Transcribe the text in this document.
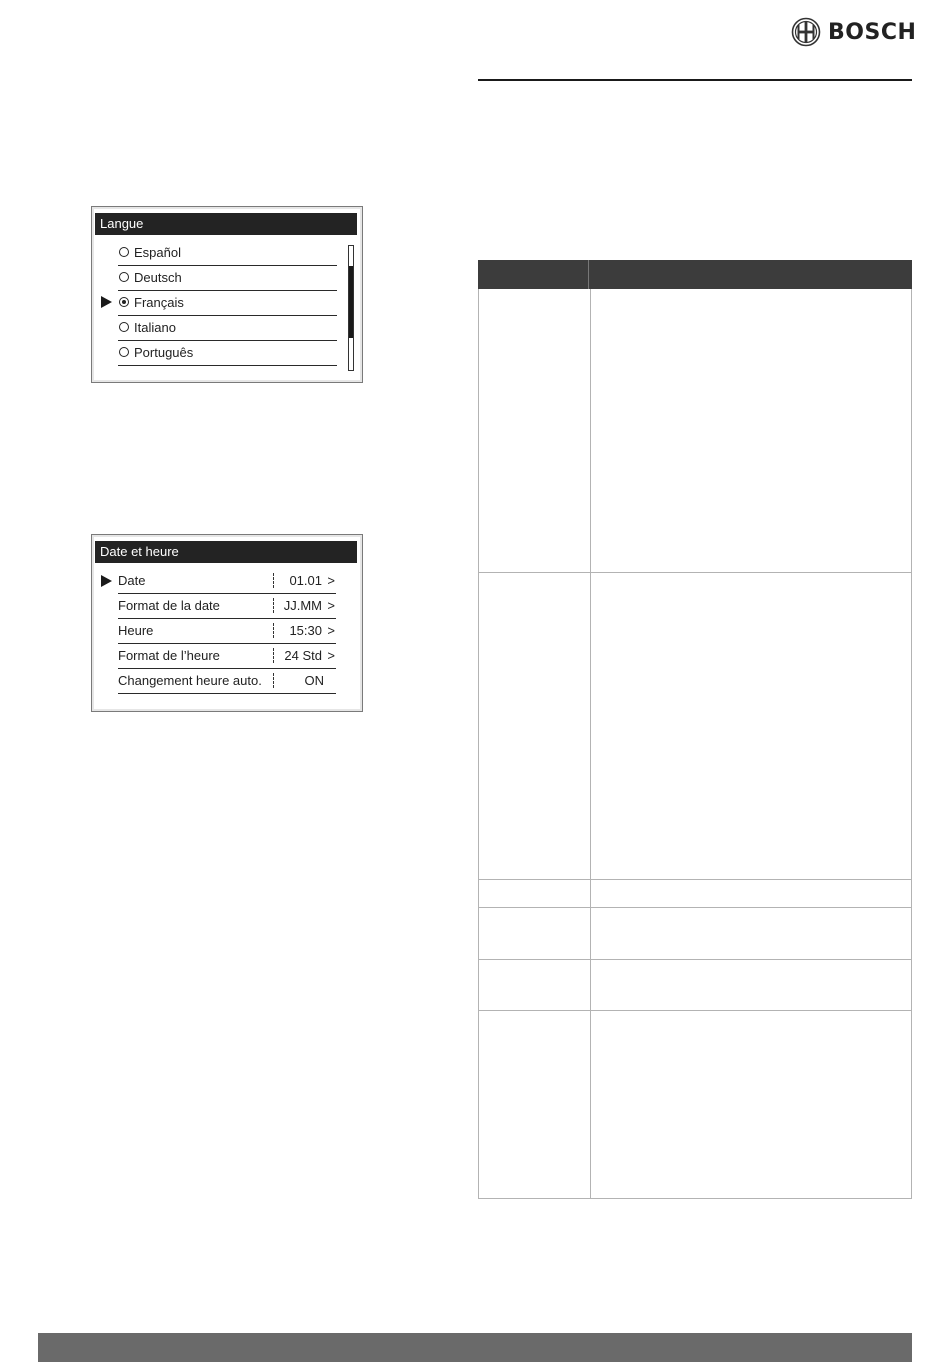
BOSCH
Langue
Español
Deutsch
Français
Italiano
Português
Date et heure
Date	01.01 >
Format de la date	JJ.MM >
Heure	15:30 >
Format de l’heure	24 Std >
Changement heure auto.	ON
